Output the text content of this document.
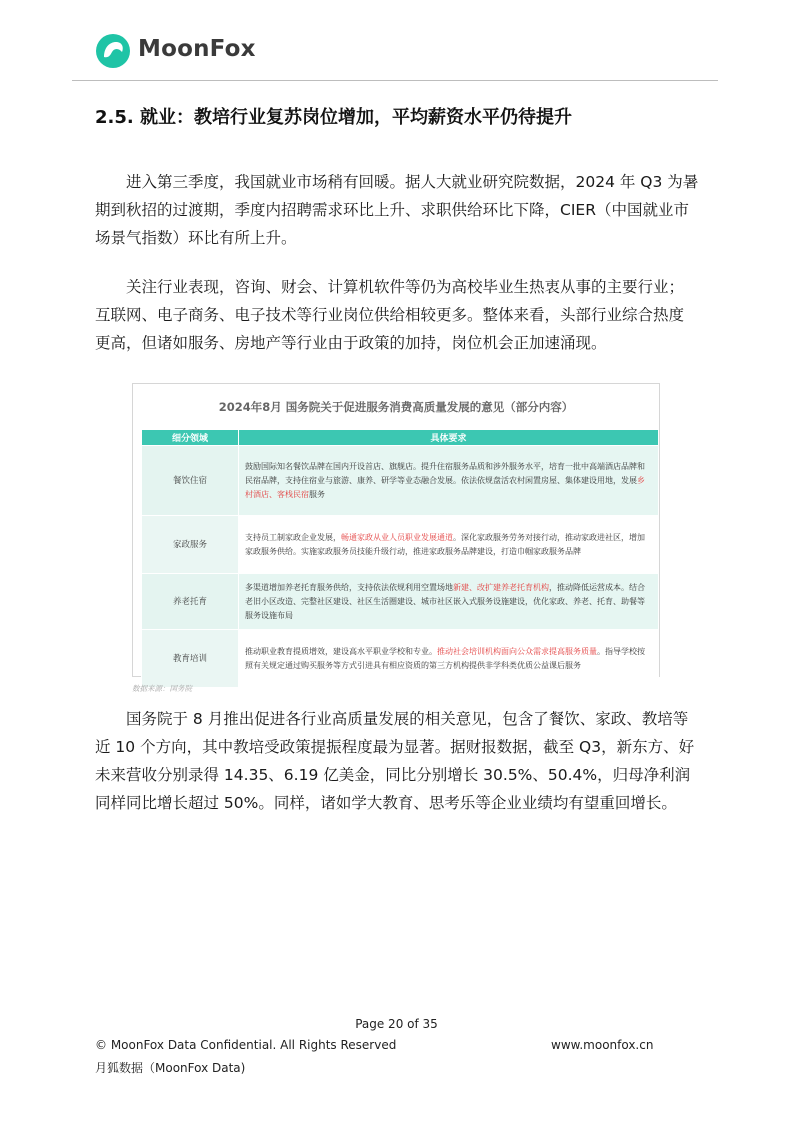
MoonFox
2.5. 就业：教培行业复苏岗位增加，平均薪资水平仍待提升

进入第三季度，我国就业市场稍有回暖。据人大就业研究院数据，2024 年 Q3 为暑期到秋招的过渡期，季度内招聘需求环比上升、求职供给环比下降，CIER（中国就业市场景气指数）环比有所上升。

关注行业表现，咨询、财会、计算机软件等仍为高校毕业生热衷从事的主要行业；互联网、电子商务、电子技术等行业岗位供给相较更多。整体来看，头部行业综合热度更高，但诸如服务、房地产等行业由于政策的加持，岗位机会正加速涌现。

2024年8月 国务院关于促进服务消费高质量发展的意见（部分内容）
细分领域	具体要求
餐饮住宿	鼓励国际知名餐饮品牌在国内开设首店、旗舰店。提升住宿服务品质和涉外服务水平，培育一批中高端酒店品牌和民宿品牌，支持住宿业与旅游、康养、研学等业态融合发展。依法依规盘活农村闲置房屋、集体建设用地，发展乡村酒店、客栈民宿服务
家政服务	支持员工制家政企业发展，畅通家政从业人员职业发展通道。深化家政服务劳务对接行动，推动家政进社区，增加家政服务供给。实施家政服务员技能升级行动，推进家政服务品牌建设，打造巾帼家政服务品牌
养老托育	多渠道增加养老托育服务供给，支持依法依规利用空置场地新建、改扩建养老托育机构，推动降低运营成本。结合老旧小区改造、完整社区建设、社区生活圈建设、城市社区嵌入式服务设施建设，优化家政、养老、托育、助餐等服务设施布局
教育培训	推动职业教育提质增效，建设高水平职业学校和专业。推动社会培训机构面向公众需求提高服务质量。指导学校按照有关规定通过购买服务等方式引进具有相应资质的第三方机构提供非学科类优质公益课后服务
数据来源：国务院

国务院于 8 月推出促进各行业高质量发展的相关意见，包含了餐饮、家政、教培等近 10 个方向，其中教培受政策提振程度最为显著。据财报数据，截至 Q3，新东方、好未来营收分别录得 14.35、6.19 亿美金，同比分别增长 30.5%、50.4%，归母净利润同样同比增长超过 50%。同样，诸如学大教育、思考乐等企业业绩均有望重回增长。

Page 20 of 35
© MoonFox Data Confidential. All Rights Reserved	www.moonfox.cn
月狐数据（MoonFox Data)
